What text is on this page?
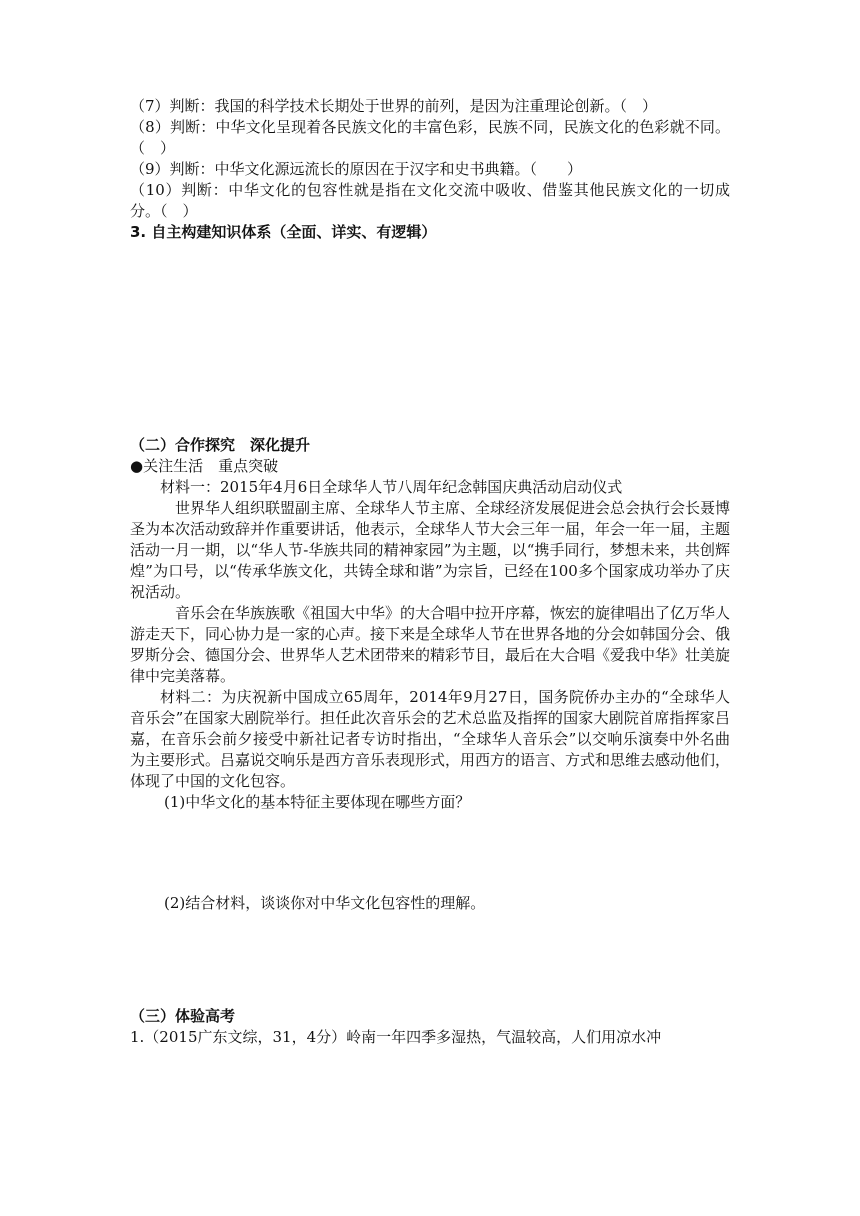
（7）判断：我国的科学技术长期处于世界的前列，是因为注重理论创新。（　）

（8）判断：中华文化呈现着各民族文化的丰富色彩，民族不同，民族文化的色彩就不同。（　）

（9）判断：中华文化源远流长的原因在于汉字和史书典籍。（　　）

（10）判断：中华文化的包容性就是指在文化交流中吸收、借鉴其他民族文化的一切成分。（　）

3. 自主构建知识体系（全面、详实、有逻辑）

（二）合作探究　深化提升

●关注生活　重点突破

材料一：2015年4月6日全球华人节八周年纪念韩国庆典活动启动仪式

世界华人组织联盟副主席、全球华人节主席、全球经济发展促进会总会执行会长聂博圣为本次活动致辞并作重要讲话，他表示，全球华人节大会三年一届，年会一年一届，主题活动一月一期，以“华人节-华族共同的精神家园”为主题，以“携手同行，梦想未来，共创辉煌”为口号，以“传承华族文化，共铸全球和谐”为宗旨，已经在100多个国家成功举办了庆祝活动。

音乐会在华族族歌《祖国大中华》的大合唱中拉开序幕，恢宏的旋律唱出了亿万华人游走天下，同心协力是一家的心声。接下来是全球华人节在世界各地的分会如韩国分会、俄罗斯分会、德国分会、世界华人艺术团带来的精彩节目，最后在大合唱《爱我中华》壮美旋律中完美落幕。

材料二：为庆祝新中国成立65周年，2014年9月27日，国务院侨办主办的“全球华人音乐会”在国家大剧院举行。担任此次音乐会的艺术总监及指挥的国家大剧院首席指挥家吕嘉，在音乐会前夕接受中新社记者专访时指出，“全球华人音乐会”以交响乐演奏中外名曲为主要形式。吕嘉说交响乐是西方音乐表现形式，用西方的语言、方式和思维去感动他们，体现了中国的文化包容。

(1)中华文化的基本特征主要体现在哪些方面？

(2)结合材料，谈谈你对中华文化包容性的理解。

（三）体验高考

1.（2015广东文综，31，4分）岭南一年四季多湿热，气温较高，人们用凉水冲
